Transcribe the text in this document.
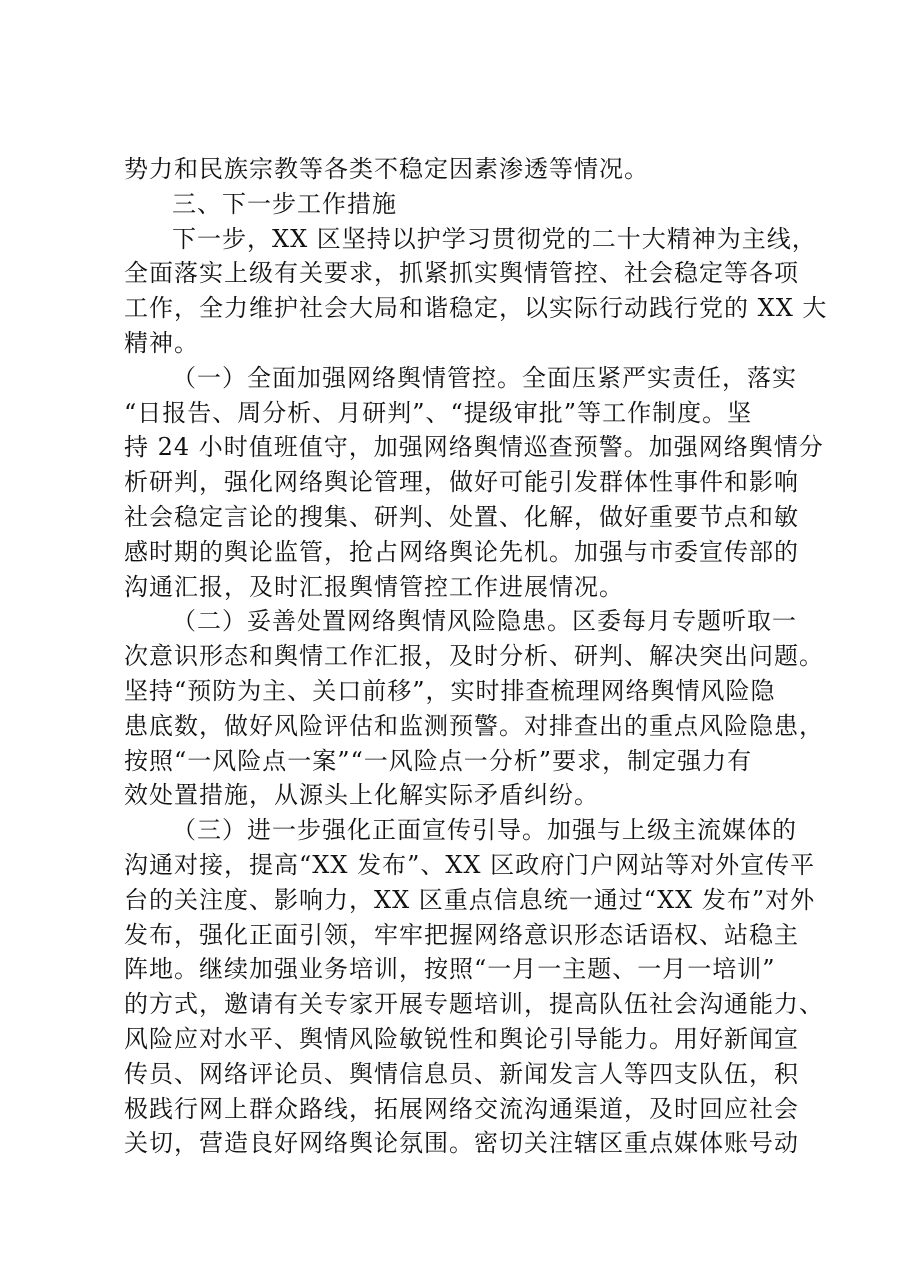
势力和民族宗教等各类不稳定因素渗透等情况。
三、下一步工作措施
下一步，XX 区坚持以护学习贯彻党的二十大精神为主线，
全面落实上级有关要求，抓紧抓实舆情管控、社会稳定等各项
工作，全力维护社会大局和谐稳定，以实际行动践行党的 XX 大
精神。
（一）全面加强网络舆情管控。全面压紧严实责任，落实
“日报告、周分析、月研判”、“提级审批”等工作制度。坚
持 24 小时值班值守，加强网络舆情巡查预警。加强网络舆情分
析研判，强化网络舆论管理，做好可能引发群体性事件和影响
社会稳定言论的搜集、研判、处置、化解，做好重要节点和敏
感时期的舆论监管，抢占网络舆论先机。加强与市委宣传部的
沟通汇报，及时汇报舆情管控工作进展情况。
（二）妥善处置网络舆情风险隐患。区委每月专题听取一
次意识形态和舆情工作汇报，及时分析、研判、解决突出问题。
坚持“预防为主、关口前移”，实时排查梳理网络舆情风险隐
患底数，做好风险评估和监测预警。对排查出的重点风险隐患，
按照“一风险点一案”“一风险点一分析”要求，制定强力有
效处置措施，从源头上化解实际矛盾纠纷。
（三）进一步强化正面宣传引导。加强与上级主流媒体的
沟通对接，提高“XX 发布”、XX 区政府门户网站等对外宣传平
台的关注度、影响力，XX 区重点信息统一通过“XX 发布”对外
发布，强化正面引领，牢牢把握网络意识形态话语权、站稳主
阵地。继续加强业务培训，按照“一月一主题、一月一培训”
的方式，邀请有关专家开展专题培训，提高队伍社会沟通能力、
风险应对水平、舆情风险敏锐性和舆论引导能力。用好新闻宣
传员、网络评论员、舆情信息员、新闻发言人等四支队伍，积
极践行网上群众路线，拓展网络交流沟通渠道，及时回应社会
关切，营造良好网络舆论氛围。密切关注辖区重点媒体账号动
